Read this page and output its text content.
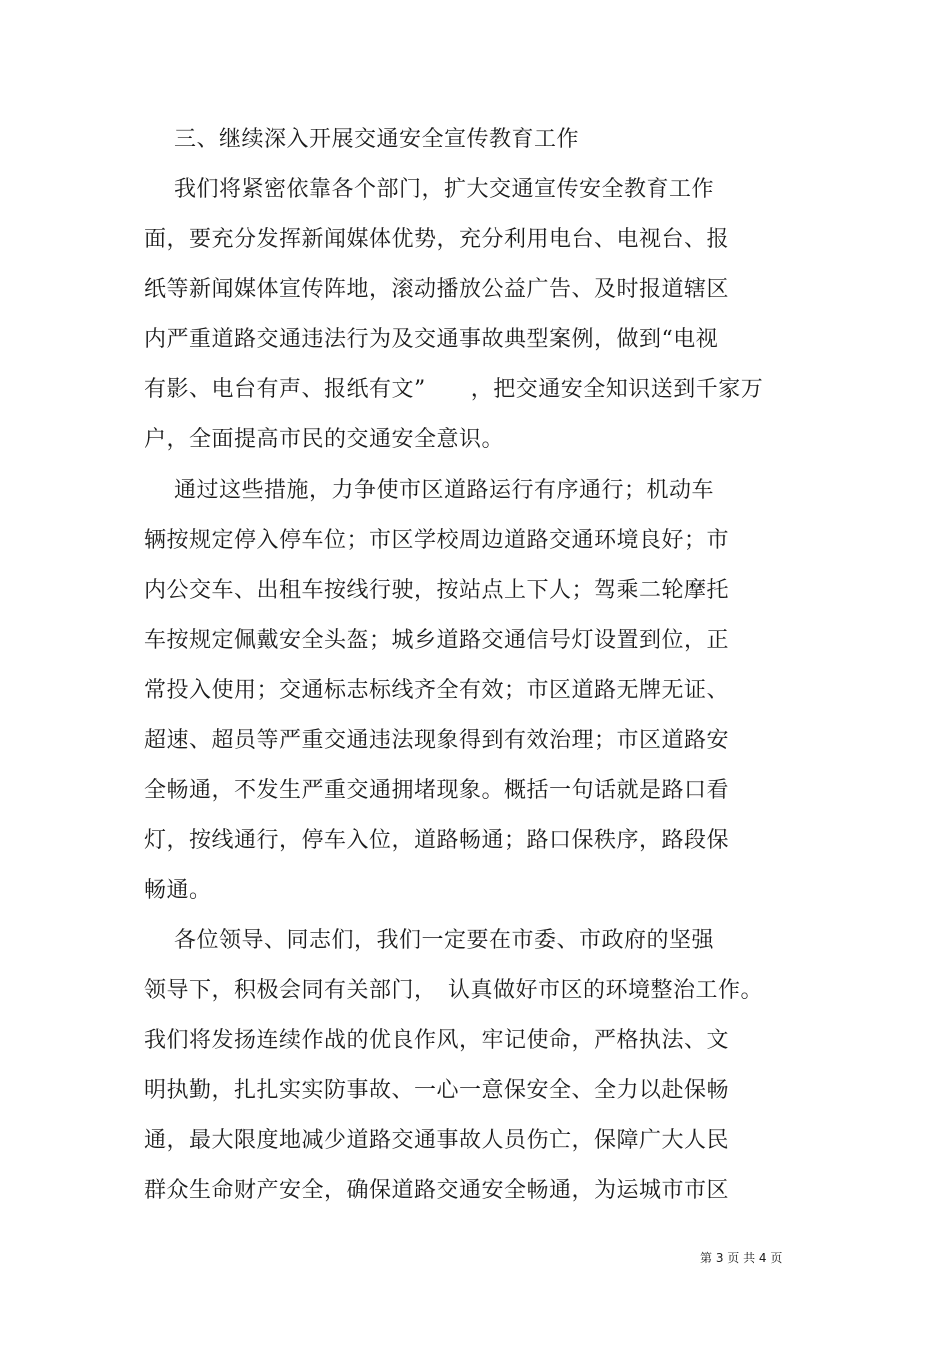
三、继续深入开展交通安全宣传教育工作
我们将紧密依靠各个部门，扩大交通宣传安全教育工作
面，要充分发挥新闻媒体优势，充分利用电台、电视台、报
纸等新闻媒体宣传阵地，滚动播放公益广告、及时报道辖区
内严重道路交通违法行为及交通事故典型案例，做到“电视
有影、电台有声、报纸有文”　　，把交通安全知识送到千家万
户，全面提高市民的交通安全意识。
通过这些措施，力争使市区道路运行有序通行；机动车
辆按规定停入停车位；市区学校周边道路交通环境良好；市
内公交车、出租车按线行驶，按站点上下人；驾乘二轮摩托
车按规定佩戴安全头盔；城乡道路交通信号灯设置到位，正
常投入使用；交通标志标线齐全有效；市区道路无牌无证、
超速、超员等严重交通违法现象得到有效治理；市区道路安
全畅通，不发生严重交通拥堵现象。概括一句话就是路口看
灯，按线通行，停车入位，道路畅通；路口保秩序，路段保
畅通。
各位领导、同志们，我们一定要在市委、市政府的坚强
领导下，积极会同有关部门，　认真做好市区的环境整治工作。
我们将发扬连续作战的优良作风，牢记使命，严格执法、文
明执勤，扎扎实实防事故、一心一意保安全、全力以赴保畅
通，最大限度地减少道路交通事故人员伤亡，保障广大人民
群众生命财产安全，确保道路交通安全畅通，为运城市市区
第 3 页 共 4 页
